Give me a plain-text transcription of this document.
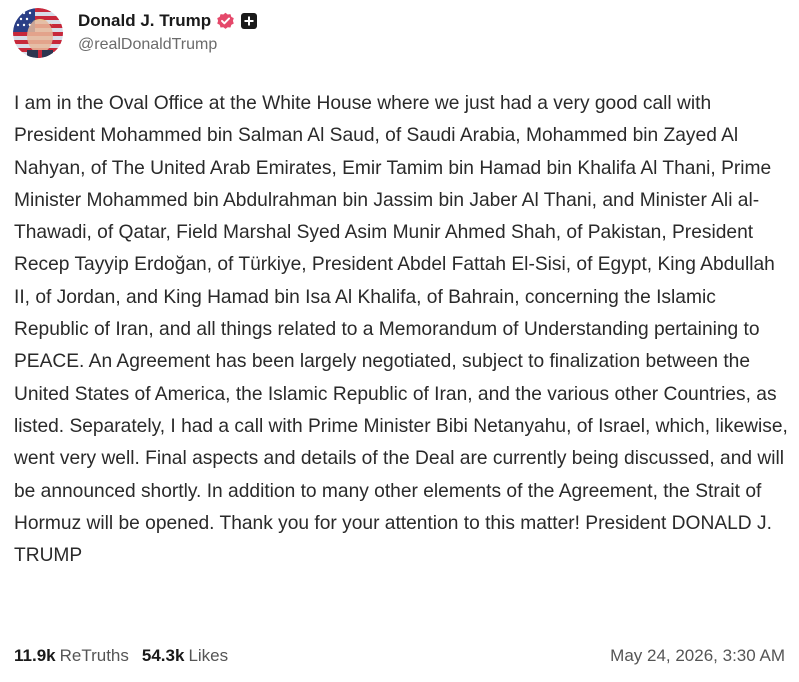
Donald J. Trump
@realDonaldTrump

I am in the Oval Office at the White House where we just had a very good call with President Mohammed bin Salman Al Saud, of Saudi Arabia, Mohammed bin Zayed Al Nahyan, of The United Arab Emirates, Emir Tamim bin Hamad bin Khalifa Al Thani, Prime Minister Mohammed bin Abdulrahman bin Jassim bin Jaber Al Thani, and Minister Ali al-Thawadi, of Qatar, Field Marshal Syed Asim Munir Ahmed Shah, of Pakistan, President Recep Tayyip Erdoğan, of Türkiye, President Abdel Fattah El-Sisi, of Egypt, King Abdullah II, of Jordan, and King Hamad bin Isa Al Khalifa, of Bahrain, concerning the Islamic Republic of Iran, and all things related to a Memorandum of Understanding pertaining to PEACE. An Agreement has been largely negotiated, subject to finalization between the United States of America, the Islamic Republic of Iran, and the various other Countries, as listed. Separately, I had a call with Prime Minister Bibi Netanyahu, of Israel, which, likewise, went very well. Final aspects and details of the Deal are currently being discussed, and will be announced shortly. In addition to many other elements of the Agreement, the Strait of Hormuz will be opened. Thank you for your attention to this matter! President DONALD J. TRUMP

11.9k ReTruths 54.3k Likes	May 24, 2026, 3:30 AM
